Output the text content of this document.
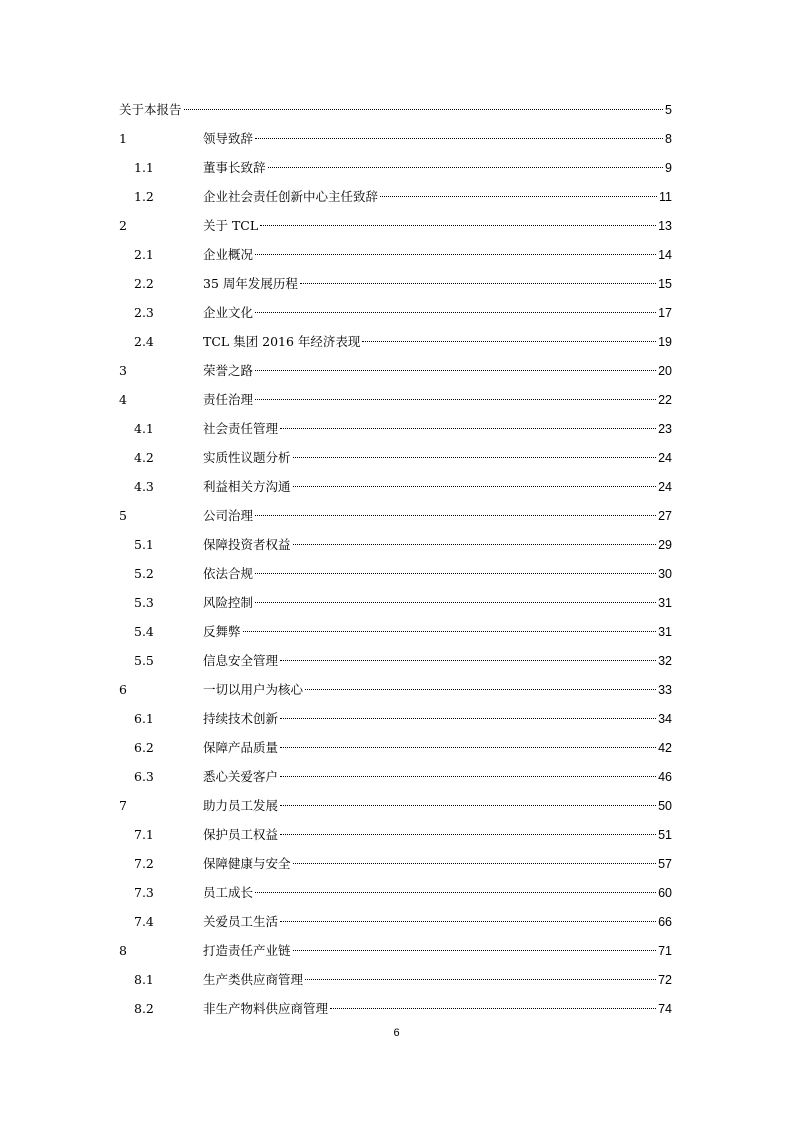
关于本报告	5
1	领导致辞	8
1.1	董事长致辞	9
1.2	企业社会责任创新中心主任致辞	11
2	关于 TCL	13
2.1	企业概况	14
2.2	35 周年发展历程	15
2.3	企业文化	17
2.4	TCL 集团 2016 年经济表现	19
3	荣誉之路	20
4	责任治理	22
4.1	社会责任管理	23
4.2	实质性议题分析	24
4.3	利益相关方沟通	24
5	公司治理	27
5.1	保障投资者权益	29
5.2	依法合规	30
5.3	风险控制	31
5.4	反舞弊	31
5.5	信息安全管理	32
6	一切以用户为核心	33
6.1	持续技术创新	34
6.2	保障产品质量	42
6.3	悉心关爱客户	46
7	助力员工发展	50
7.1	保护员工权益	51
7.2	保障健康与安全	57
7.3	员工成长	60
7.4	关爱员工生活	66
8	打造责任产业链	71
8.1	生产类供应商管理	72
8.2	非生产物料供应商管理	74
6
